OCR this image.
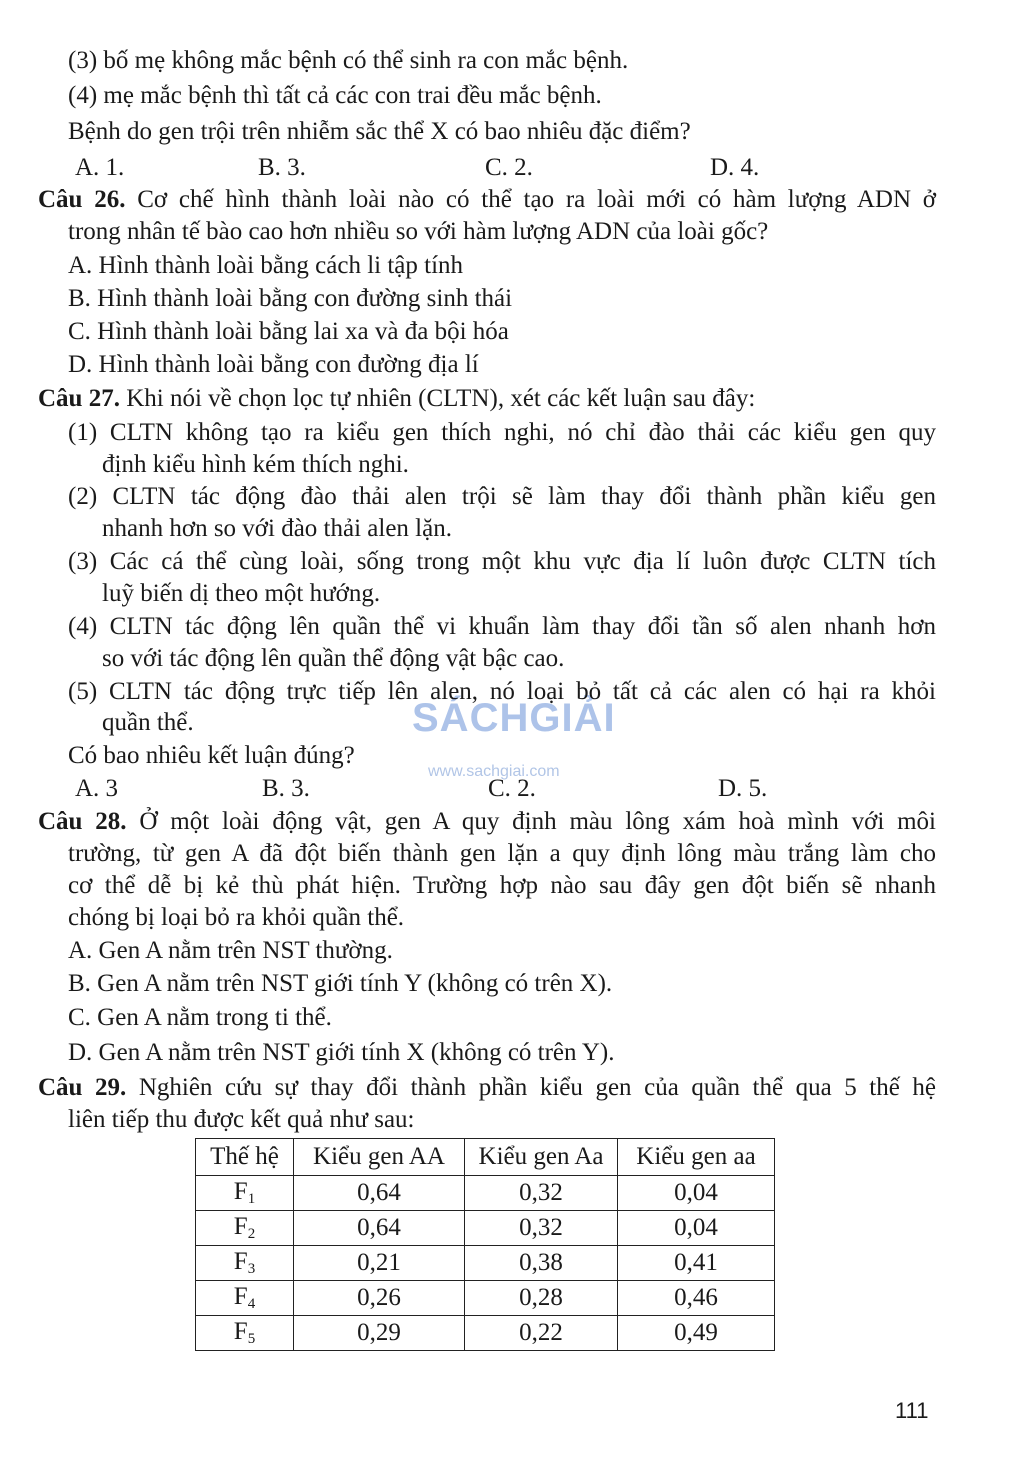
SÁCHGIẢI
www.sachgiai.com
(3) bố mẹ không mắc bệnh có thể sinh ra con mắc bệnh.
(4) mẹ mắc bệnh thì tất cả các con trai đều mắc bệnh.
Bệnh do gen trội trên nhiễm sắc thể X có bao nhiêu đặc điểm?
A. 1.	B. 3.	C. 2.	D. 4.
Câu 26. Cơ chế hình thành loài nào có thể tạo ra loài mới có hàm lượng ADN ở
trong nhân tế bào cao hơn nhiều so với hàm lượng ADN của loài gốc?
A. Hình thành loài bằng cách li tập tính
B. Hình thành loài bằng con đường sinh thái
C. Hình thành loài bằng lai xa và đa bội hóa
D. Hình thành loài bằng con đường địa lí
Câu 27. Khi nói về chọn lọc tự nhiên (CLTN), xét các kết luận sau đây:
(1) CLTN không tạo ra kiểu gen thích nghi, nó chỉ đào thải các kiểu gen quy
định kiểu hình kém thích nghi.
(2) CLTN tác động đào thải alen trội sẽ làm thay đổi thành phần kiểu gen
nhanh hơn so với đào thải alen lặn.
(3) Các cá thể cùng loài, sống trong một khu vực địa lí luôn được CLTN tích
luỹ biến dị theo một hướng.
(4) CLTN tác động lên quần thể vi khuẩn làm thay đổi tần số alen nhanh hơn
so với tác động lên quần thể động vật bậc cao.
(5) CLTN tác động trực tiếp lên alen, nó loại bỏ tất cả các alen có hại ra khỏi
quần thể.
Có bao nhiêu kết luận đúng?
A. 3	B. 3.	C. 2.	D. 5.
Câu 28. Ở một loài động vật, gen A quy định màu lông xám hoà mình với môi
trường, từ gen A đã đột biến thành gen lặn a quy định lông màu trắng làm cho
cơ thể dễ bị kẻ thù phát hiện. Trường hợp nào sau đây gen đột biến sẽ nhanh
chóng bị loại bỏ ra khỏi quần thể.
A. Gen A nằm trên NST thường.
B. Gen A nằm trên NST giới tính Y (không có trên X).
C. Gen A nằm trong ti thể.
D. Gen A nằm trên NST giới tính X (không có trên Y).
Câu 29. Nghiên cứu sự thay đổi thành phần kiểu gen của quần thể qua 5 thế hệ
liên tiếp thu được kết quả như sau:
Thế hệ	Kiểu gen AA	Kiểu gen Aa	Kiểu gen aa
$F_1$	0,64	0,32	0,04
$F_2$	0,64	0,32	0,04
$F_3$	0,21	0,38	0,41
$F_4$	0,26	0,28	0,46
$F_5$	0,29	0,22	0,49
111
